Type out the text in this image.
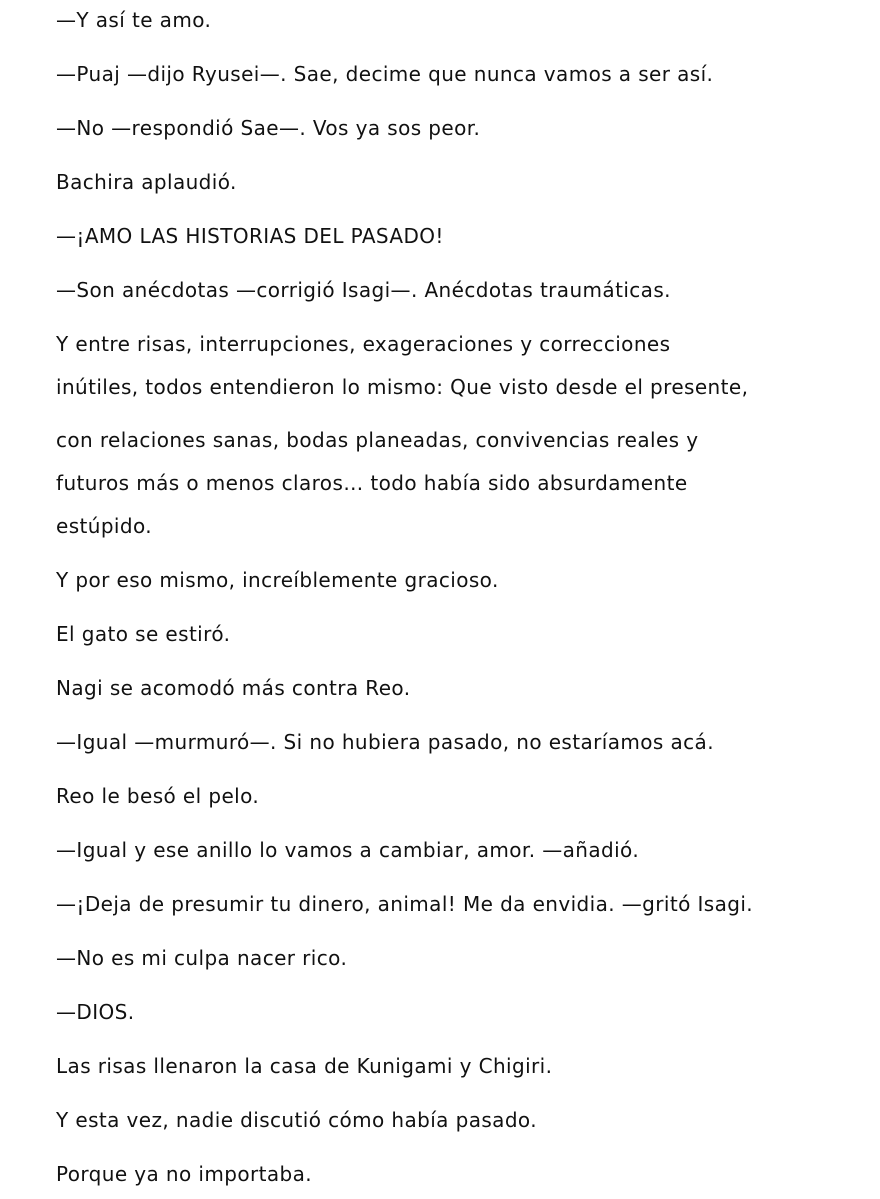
—Y así te amo.

—Puaj —dijo Ryusei—. Sae, decime que nunca vamos a ser así.

—No —respondió Sae—. Vos ya sos peor.

Bachira aplaudió.

—¡AMO LAS HISTORIAS DEL PASADO!

—Son anécdotas —corrigió Isagi—. Anécdotas traumáticas.

Y entre risas, interrupciones, exageraciones y correcciones

inútiles, todos entendieron lo mismo: Que visto desde el presente,

con relaciones sanas, bodas planeadas, convivencias reales y

futuros más o menos claros… todo había sido absurdamente

estúpido.

Y por eso mismo, increíblemente gracioso.

El gato se estiró.

Nagi se acomodó más contra Reo.

—Igual —murmuró—. Si no hubiera pasado, no estaríamos acá.

Reo le besó el pelo.

—Igual y ese anillo lo vamos a cambiar, amor. —añadió.

—¡Deja de presumir tu dinero, animal! Me da envidia. —gritó Isagi.

—No es mi culpa nacer rico.

—DIOS.

Las risas llenaron la casa de Kunigami y Chigiri.

Y esta vez, nadie discutió cómo había pasado.

Porque ya no importaba.
